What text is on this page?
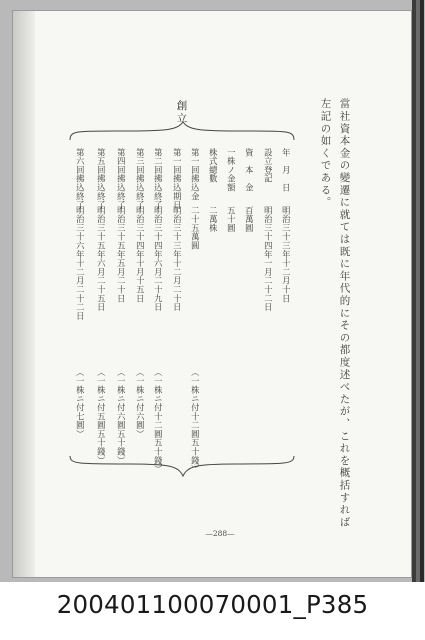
當社資本金の變遷に就ては既に年代的にその都度述べたが、これを概括すれば
左記の如くである。
創立
年　月　日
明治三十三年十二月十日
設立登記
明治三十四年一月二十二日
資　本　金
百萬圓
一株ノ金額
五十圓
株式總數
二萬株
第一回拂込金
二十五萬圓
（一株ニ付十二圓五十錢）
第一回拂込期日
明治三十三年十二月二十日
第二回拂込終了
明治三十四年六月二十九日
（一株ニ付十二圓五十錢）
第三回拂込終了
明治三十四年十月十五日
（一株ニ付六圓）
第四回拂込終了
明治三十五年五月二十日
（一株ニ付六圓五十錢）
第五回拂込終了
明治三十五年六月二十五日
（一株ニ付五圓五十錢）
第六回拂込終了
明治三十六年十二月二十二日
（一株ニ付七圓）
—288—
200401100070001_P385
